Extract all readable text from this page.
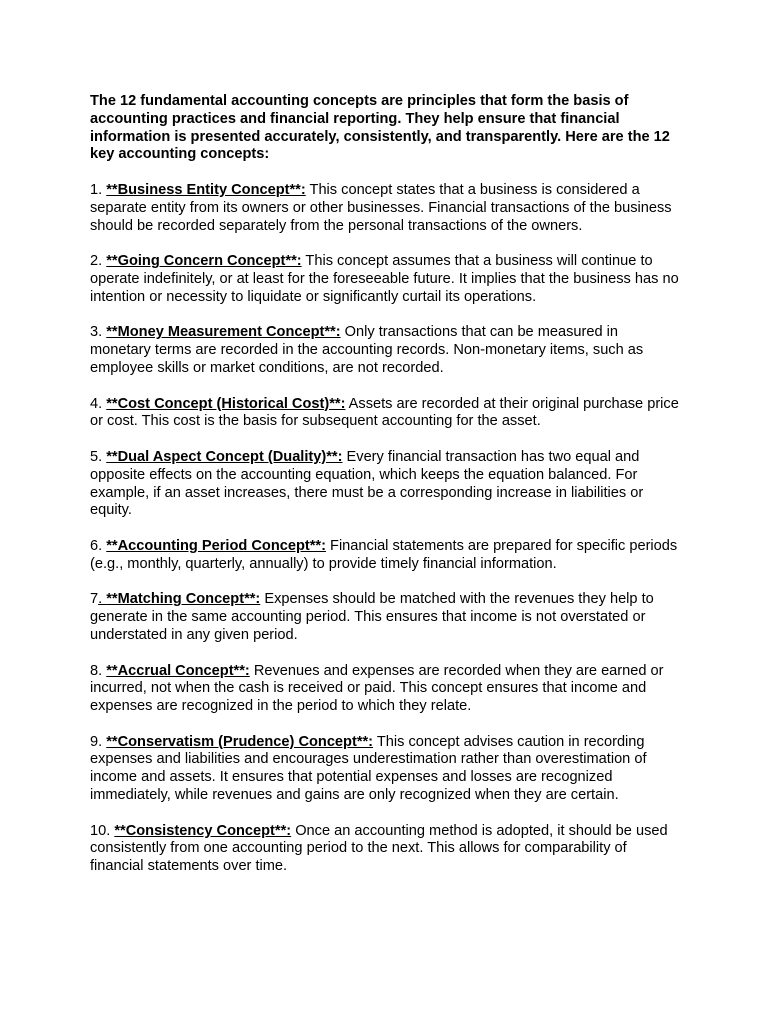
The 12 fundamental accounting concepts are principles that form the basis of accounting practices and financial reporting. They help ensure that financial information is presented accurately, consistently, and transparently. Here are the 12 key accounting concepts:

1. **Business Entity Concept**: This concept states that a business is considered a separate entity from its owners or other businesses. Financial transactions of the business should be recorded separately from the personal transactions of the owners.

2. **Going Concern Concept**: This concept assumes that a business will continue to operate indefinitely, or at least for the foreseeable future. It implies that the business has no intention or necessity to liquidate or significantly curtail its operations.

3. **Money Measurement Concept**: Only transactions that can be measured in monetary terms are recorded in the accounting records. Non-monetary items, such as employee skills or market conditions, are not recorded.

4. **Cost Concept (Historical Cost)**: Assets are recorded at their original purchase price or cost. This cost is the basis for subsequent accounting for the asset.

5. **Dual Aspect Concept (Duality)**: Every financial transaction has two equal and opposite effects on the accounting equation, which keeps the equation balanced. For example, if an asset increases, there must be a corresponding increase in liabilities or equity.

6. **Accounting Period Concept**: Financial statements are prepared for specific periods (e.g., monthly, quarterly, annually) to provide timely financial information.

7. **Matching Concept**: Expenses should be matched with the revenues they help to generate in the same accounting period. This ensures that income is not overstated or understated in any given period.

8. **Accrual Concept**: Revenues and expenses are recorded when they are earned or incurred, not when the cash is received or paid. This concept ensures that income and expenses are recognized in the period to which they relate.

9. **Conservatism (Prudence) Concept**: This concept advises caution in recording expenses and liabilities and encourages underestimation rather than overestimation of income and assets. It ensures that potential expenses and losses are recognized immediately, while revenues and gains are only recognized when they are certain.

10. **Consistency Concept**: Once an accounting method is adopted, it should be used consistently from one accounting period to the next. This allows for comparability of financial statements over time.
